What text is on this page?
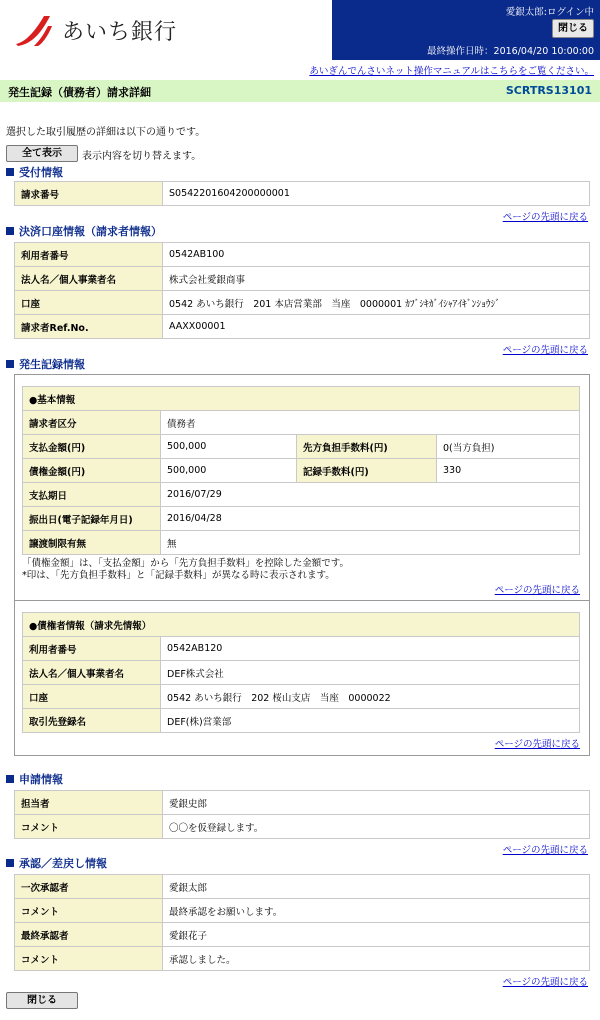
あいち銀行
愛銀太郎:ログイン中
閉じる
最終操作日時：2016/04/20 10:00:00
あいぎんでんさいネット操作マニュアルはこちらをご覧ください。
発生記録（債務者）請求詳細	SCRTRS13101
選択した取引履歴の詳細は以下の通りです。
全て表示	表示内容を切り替えます。
受付情報
請求番号	S0542201604200000001
ページの先頭に戻る
決済口座情報（請求者情報）
利用者番号	0542AB100
法人名／個人事業者名	株式会社愛銀商事
口座	0542 あいち銀行　201 本店営業部　当座　0000001 ｶﾌﾞｼｷｶﾞｲｼｬｱｲｷﾞﾝｼｮｳｼﾞ
請求者Ref.No.	AAXX00001
ページの先頭に戻る
発生記録情報
●基本情報			
請求者区分	債務者		
支払金額(円)	500,000	先方負担手数料(円)	0(当方負担)
債権金額(円)	500,000	記録手数料(円)	330
支払期日	2016/07/29		
振出日(電子記録年月日)	2016/04/28		
譲渡制限有無	無		
「債権金額」は、「支払金額」から「先方負担手数料」を控除した金額です。
*印は、「先方負担手数料」と「記録手数料」が異なる時に表示されます。
ページの先頭に戻る
●債権者情報（請求先情報）	
利用者番号	0542AB120
法人名／個人事業者名	DEF株式会社
口座	0542 あいち銀行　202 桜山支店　当座　0000022
取引先登録名	DEF(株)営業部
ページの先頭に戻る
申請情報
担当者	愛銀史郎
コメント	〇〇を仮登録します。
ページの先頭に戻る
承認／差戻し情報
一次承認者	愛銀太郎
コメント	最終承認をお願いします。
最終承認者	愛銀花子
コメント	承認しました。
ページの先頭に戻る
閉じる
